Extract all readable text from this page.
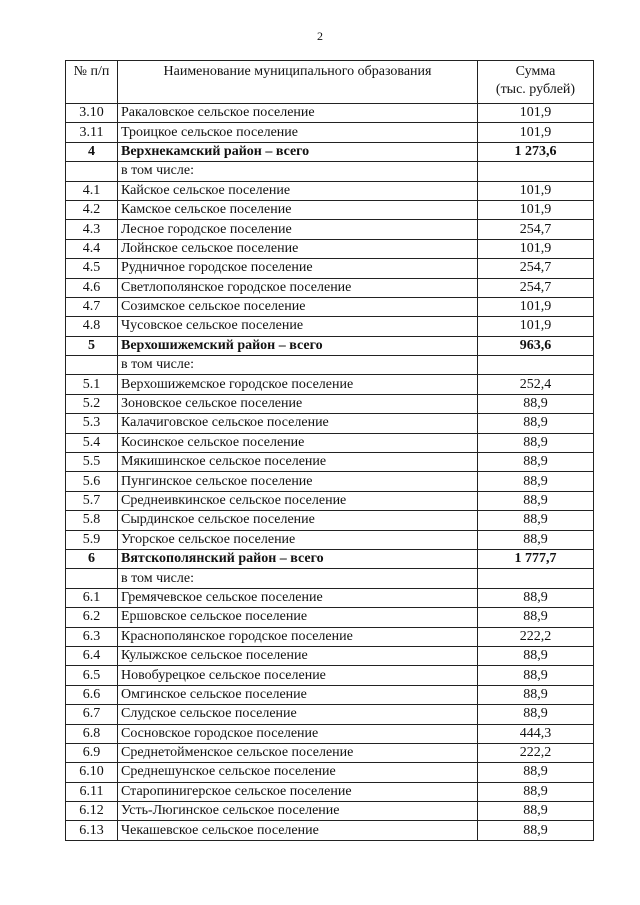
2
№ п/п	Наименование муниципального образования	Сумма
(тыс. рублей)

3.10	Ракаловское сельское поселение	101,9
3.11	Троицкое сельское поселение	101,9
4	Верхнекамский район – всего	1 273,6
	в том числе:	
4.1	Кайское сельское поселение	101,9
4.2	Камское сельское поселение	101,9
4.3	Лесное городское поселение	254,7
4.4	Лойнское сельское поселение	101,9
4.5	Рудничное городское поселение	254,7
4.6	Светлополянское городское поселение	254,7
4.7	Созимское сельское поселение	101,9
4.8	Чусовское сельское поселение	101,9
5	Верхошижемский район – всего	963,6
	в том числе:	
5.1	Верхошижемское городское поселение	252,4
5.2	Зоновское сельское поселение	88,9
5.3	Калачиговское сельское поселение	88,9
5.4	Косинское сельское поселение	88,9
5.5	Мякишинское сельское поселение	88,9
5.6	Пунгинское сельское поселение	88,9
5.7	Среднеивкинское сельское поселение	88,9
5.8	Сырдинское сельское поселение	88,9
5.9	Угорское сельское поселение	88,9
6	Вятскополянский район – всего	1 777,7
	в том числе:	
6.1	Гремячевское сельское поселение	88,9
6.2	Ершовское сельское поселение	88,9
6.3	Краснополянское городское поселение	222,2
6.4	Кулыжское сельское поселение	88,9
6.5	Новобурецкое сельское поселение	88,9
6.6	Омгинское сельское поселение	88,9
6.7	Слудское сельское поселение	88,9
6.8	Сосновское городское поселение	444,3
6.9	Среднетойменское сельское поселение	222,2
6.10	Среднешунское сельское поселение	88,9
6.11	Старопинигерское сельское поселение	88,9
6.12	Усть-Люгинское сельское поселение	88,9
6.13	Чекашевское сельское поселение	88,9
